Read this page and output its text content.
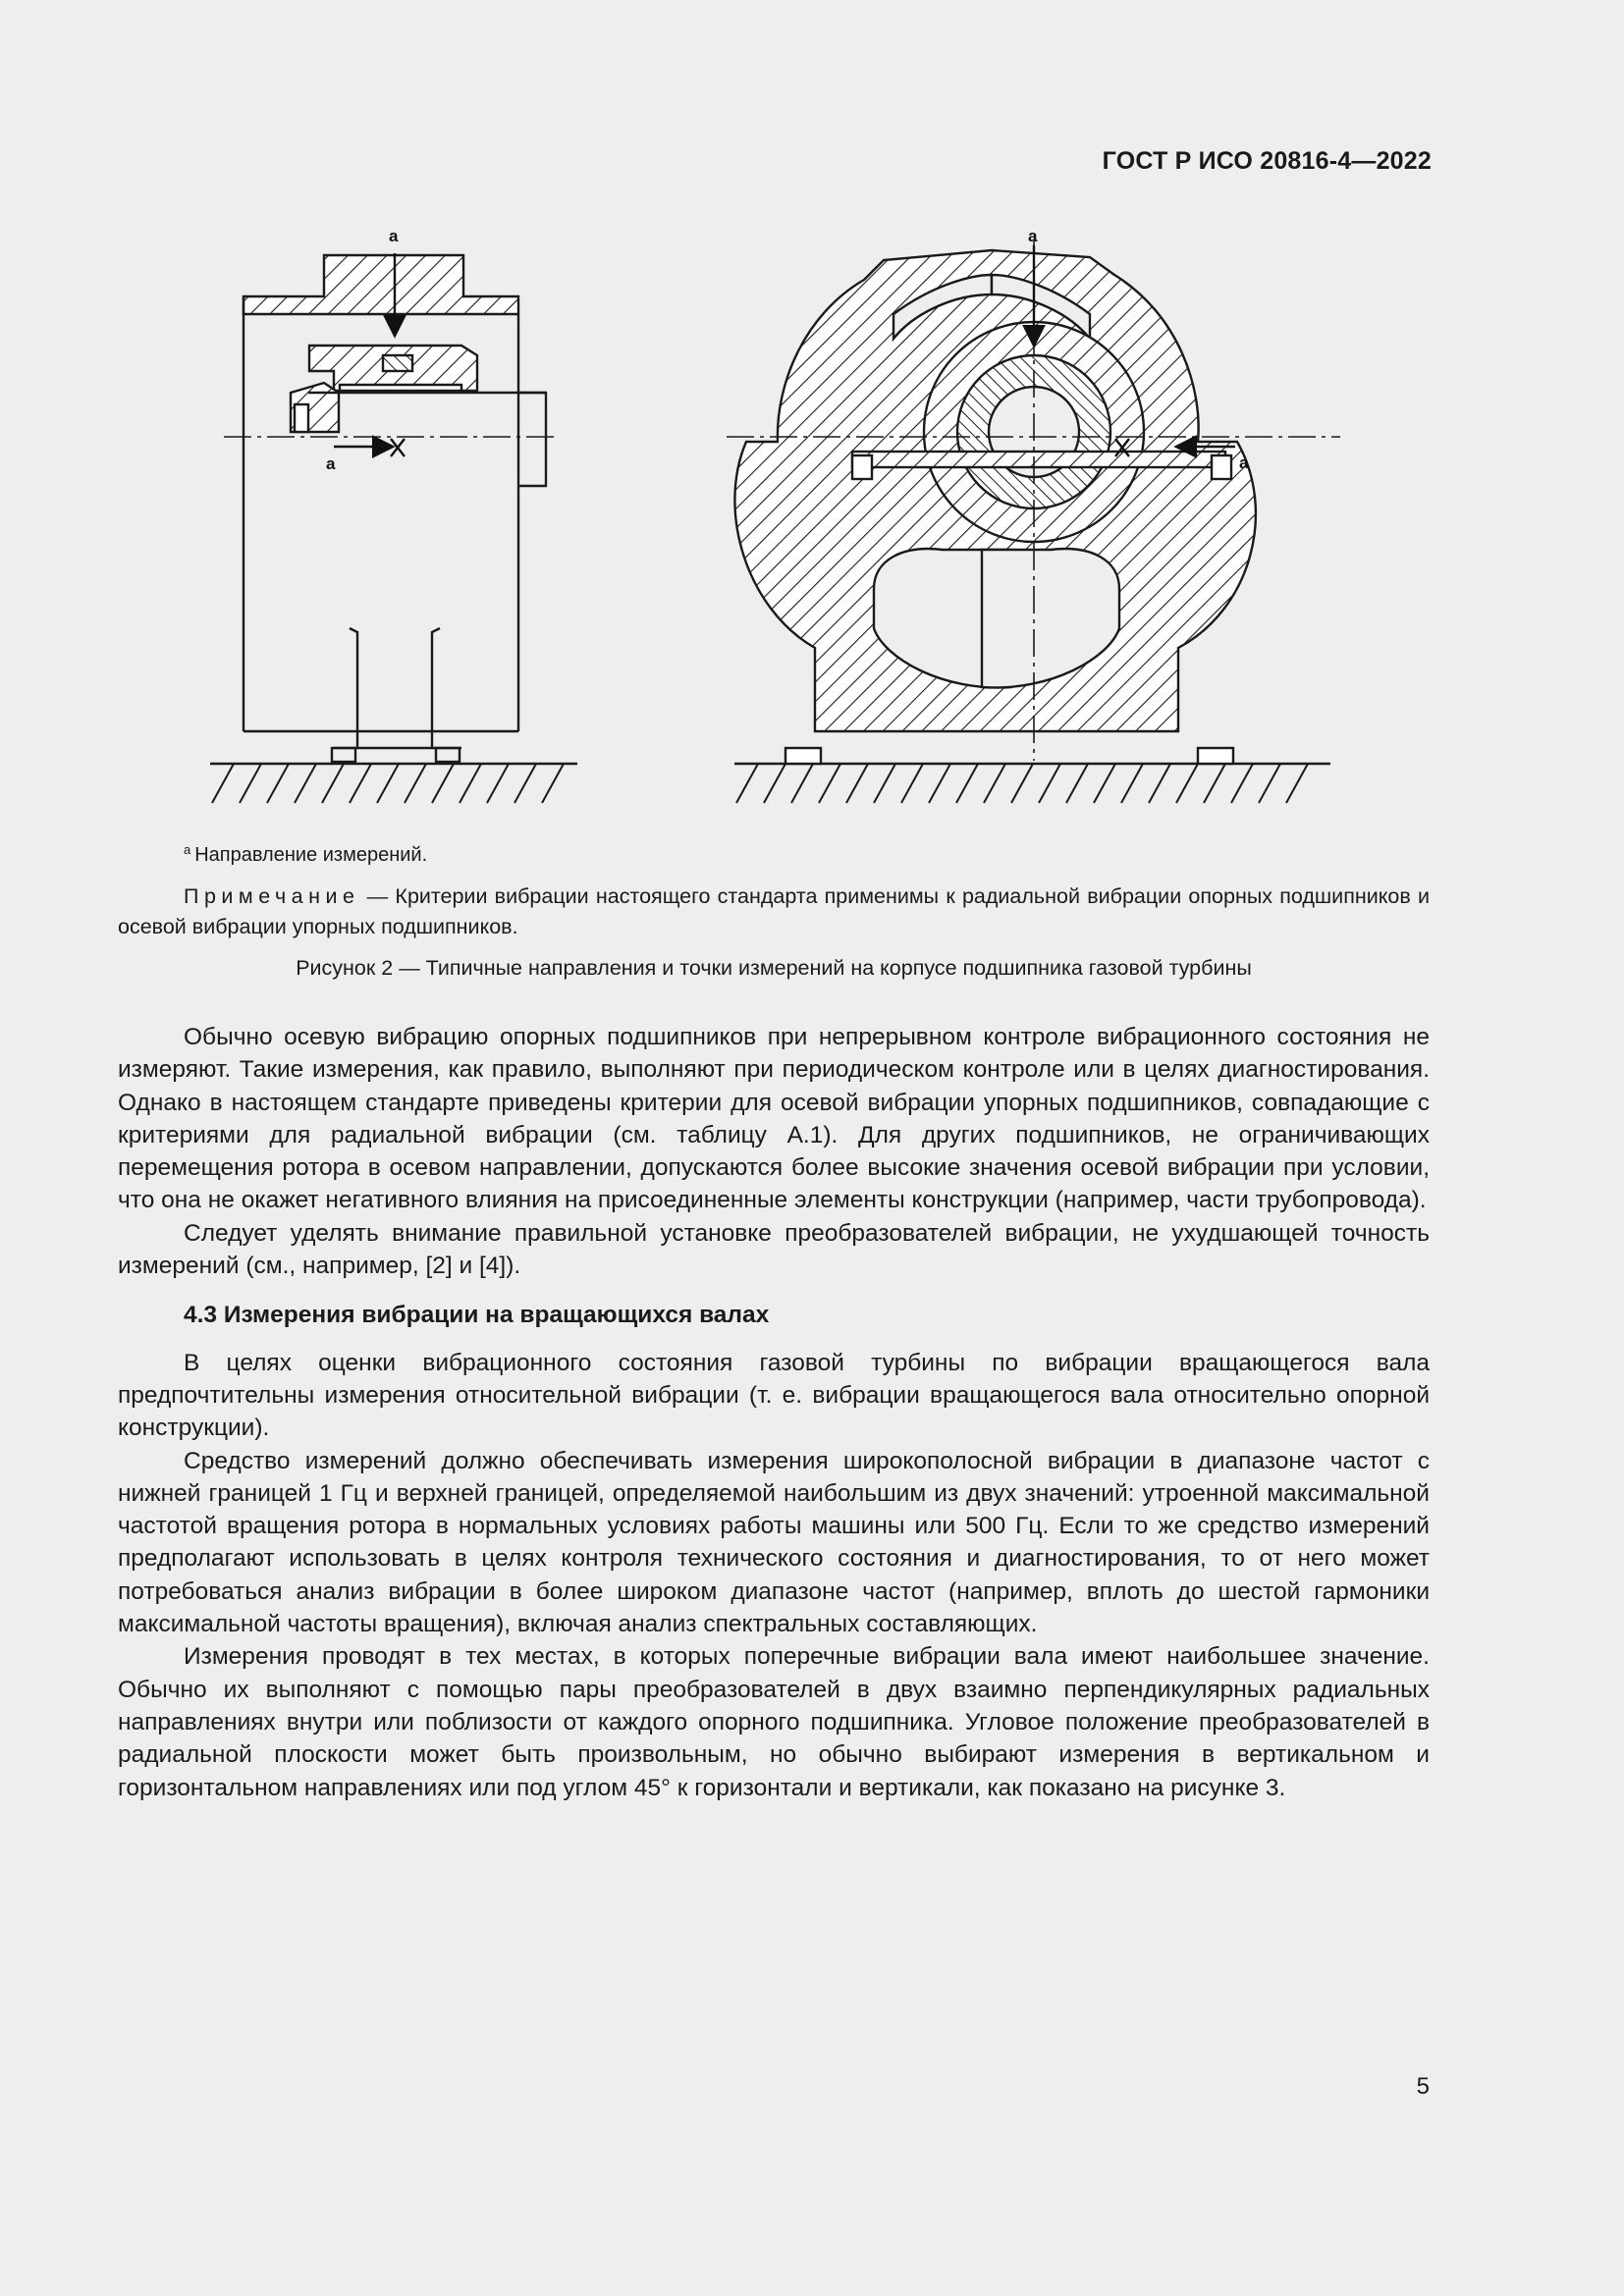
ГОСТ Р ИСО 20816-4—2022
a
a
a
a
$^a$ Направление измерений.
Примечание — Критерии вибрации настоящего стандарта применимы к радиальной вибрации опорных подшипников и осевой вибрации упорных подшипников.
Рисунок 2 — Типичные направления и точки измерений на корпусе подшипника газовой турбины

Обычно осевую вибрацию опорных подшипников при непрерывном контроле вибрационного состояния не измеряют. Такие измерения, как правило, выполняют при периодическом контроле или в целях диагностирования. Однако в настоящем стандарте приведены критерии для осевой вибрации упорных подшипников, совпадающие с критериями для радиальной вибрации (см. таблицу А.1). Для других подшипников, не ограничивающих перемещения ротора в осевом направлении, допускаются более высокие значения осевой вибрации при условии, что она не окажет негативного влияния на присоединенные элементы конструкции (например, части трубопровода).

Следует уделять внимание правильной установке преобразователей вибрации, не ухудшающей точность измерений (см., например, [2] и [4]).

4.3 Измерения вибрации на вращающихся валах

В целях оценки вибрационного состояния газовой турбины по вибрации вращающегося вала предпочтительны измерения относительной вибрации (т. е. вибрации вращающегося вала относительно опорной конструкции).

Средство измерений должно обеспечивать измерения широкополосной вибрации в диапазоне частот с нижней границей 1 Гц и верхней границей, определяемой наибольшим из двух значений: утроенной максимальной частотой вращения ротора в нормальных условиях работы машины или 500 Гц. Если то же средство измерений предполагают использовать в целях контроля технического состояния и диагностирования, то от него может потребоваться анализ вибрации в более широком диапазоне частот (например, вплоть до шестой гармоники максимальной частоты вращения), включая анализ спектральных составляющих.

Измерения проводят в тех местах, в которых поперечные вибрации вала имеют наибольшее значение. Обычно их выполняют с помощью пары преобразователей в двух взаимно перпендикулярных радиальных направлениях внутри или поблизости от каждого опорного подшипника. Угловое положение преобразователей в радиальной плоскости может быть произвольным, но обычно выбирают измерения в вертикальном и горизонтальном направлениях или под углом 45° к горизонтали и вертикали, как показано на рисунке 3.

5
